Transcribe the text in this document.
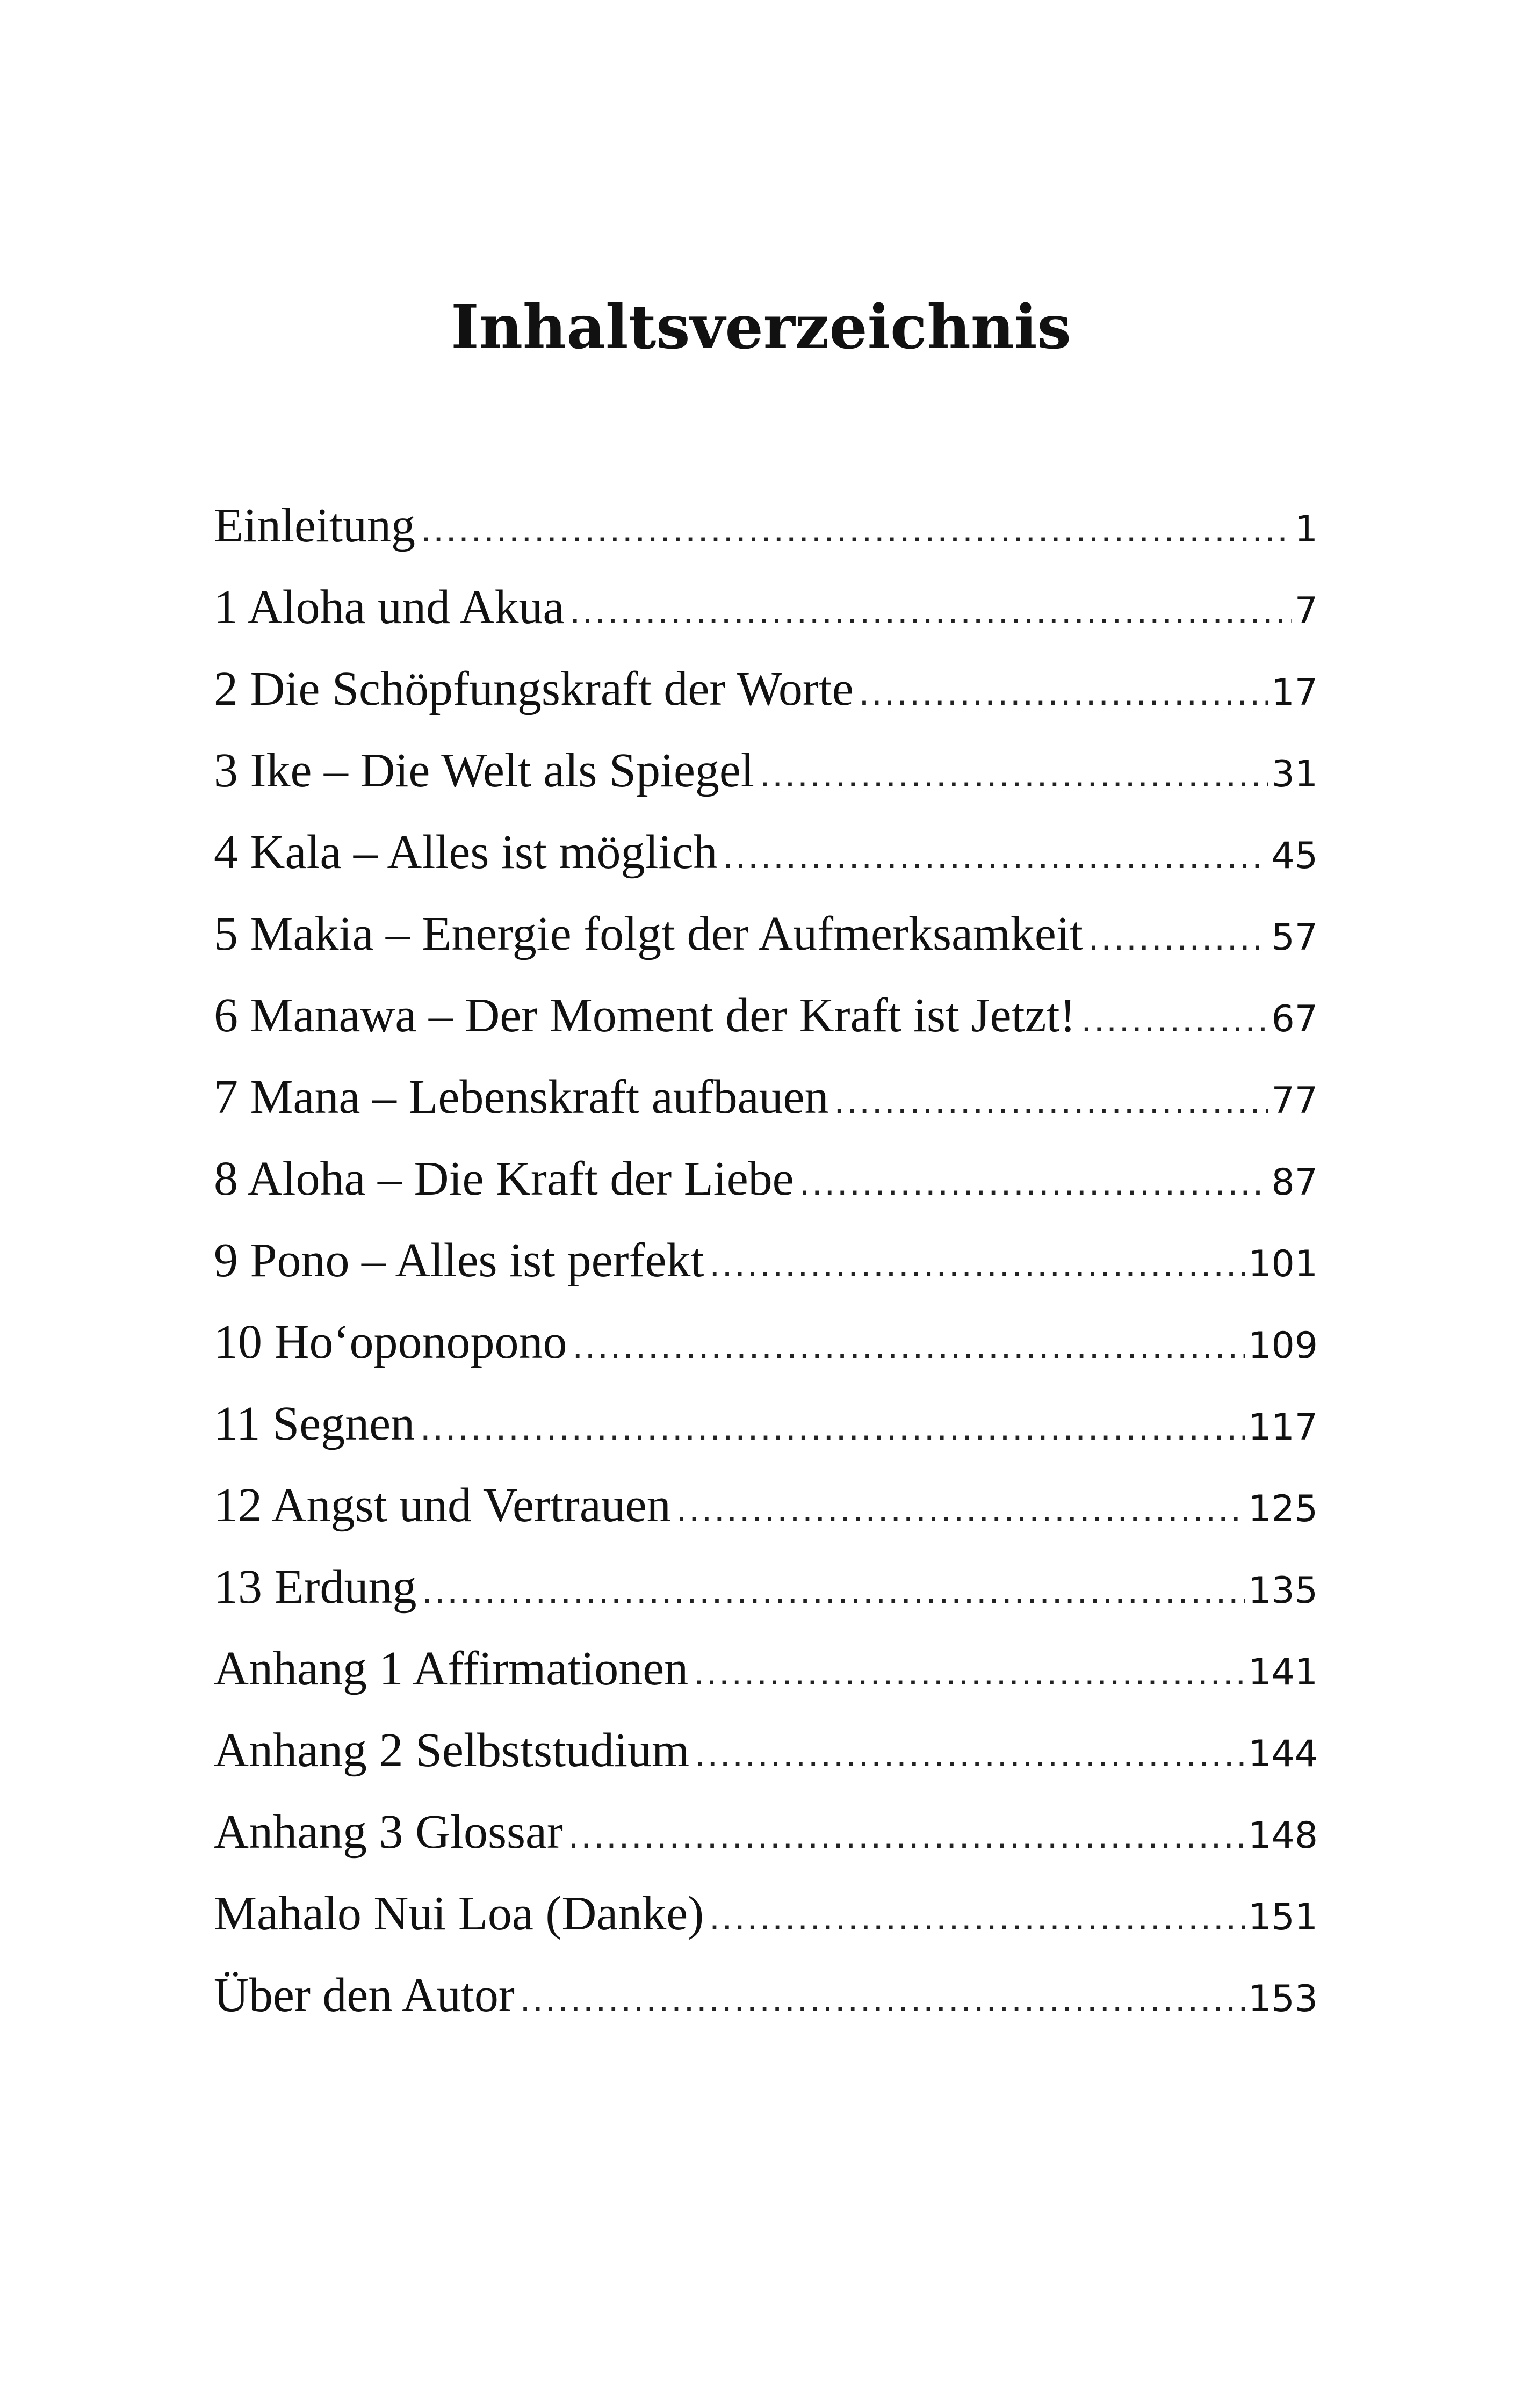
Inhaltsverzeichnis
Einleitung .....	1
1 Aloha und Akua .....	7
2 Die Schöpfungskraft der Worte .....	17
3 Ike – Die Welt als Spiegel .....	31
4 Kala – Alles ist möglich .....	45
5 Makia – Energie folgt der Aufmerksamkeit .....	57
6 Manawa – Der Moment der Kraft ist Jetzt! .....	67
7 Mana – Lebenskraft aufbauen .....	77
8 Aloha – Die Kraft der Liebe .....	87
9 Pono – Alles ist perfekt .....	101
10 Hoʻoponopono .....	109
11 Segnen .....	117
12 Angst und Vertrauen .....	125
13 Erdung .....	135
Anhang 1 Affirmationen .....	141
Anhang 2 Selbststudium .....	144
Anhang 3 Glossar .....	148
Mahalo Nui Loa (Danke) .....	151
Über den Autor .....	153
